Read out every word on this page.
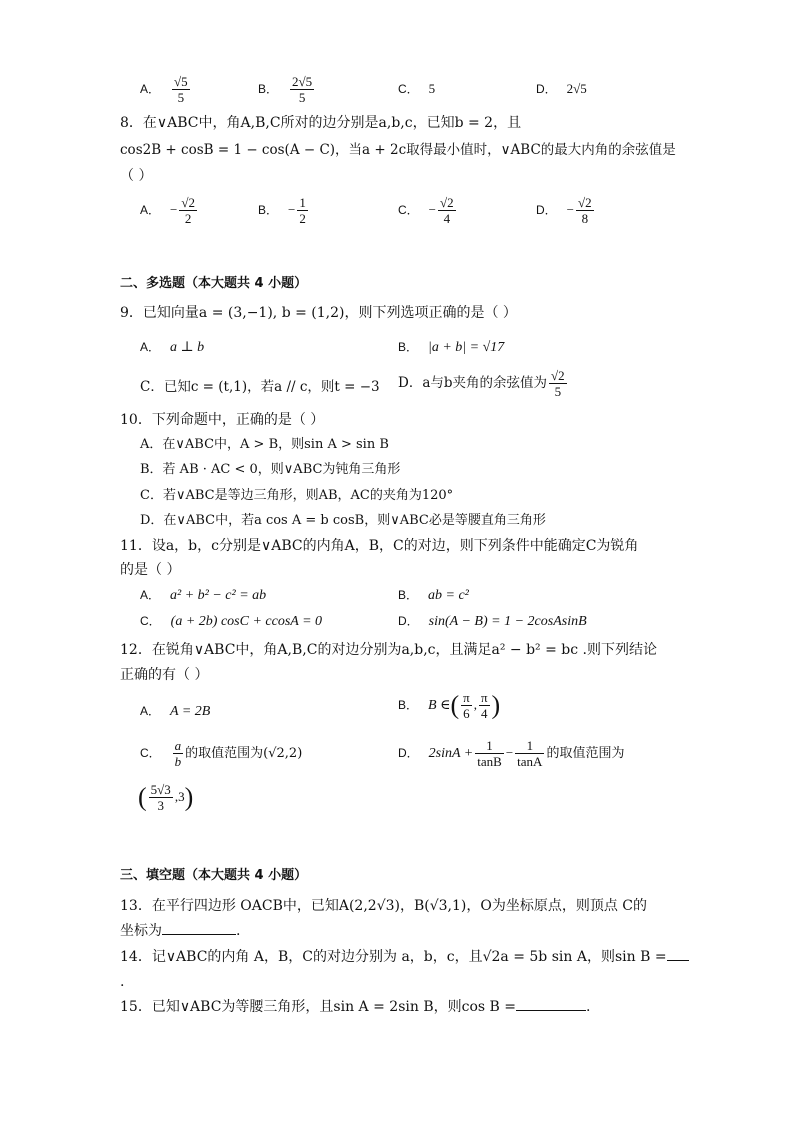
A． $\frac{√5}{5}$	B． $\frac{2√5}{5}$	C． 5	D． 2√5
8．在∨ABC中，角A,B,C所对的边分别是a,b,c，已知b = 2，且
cos2B + cosB = 1 − cos(A − C)，当a + 2c取得最小值时，∨ABC的最大内角的余弦值是
（ ）
A． − $\frac{√2}{2}$	B． − $\frac{1}{2}$	C． − $\frac{√2}{4}$	D． − $\frac{√2}{8}$
二、多选题（本大题共 4 小题）
9．已知向量a = (3,−1), b = (1,2)，则下列选项正确的是（ ）
A． a ⊥ b	B． |a + b| = √17
C．已知c = (t,1)，若a // c，则t = −3 D．a与b夹角的余弦值为 $\frac{√2}{5}$
10．下列命题中，正确的是（ ）
A．在∨ABC中，A > B，则sin A > sin B
B．若 AB · AC < 0，则∨ABC为钝角三角形
C．若∨ABC是等边三角形，则AB，AC的夹角为120°
D．在∨ABC中，若a cos A = b cosB，则∨ABC必是等腰直角三角形
11．设a，b，c分别是∨ABC的内角A，B，C的对边，则下列条件中能确定C为锐角
的是（ ）
A． a² + b² − c² = ab	B． ab = c²
C． (a + 2b) cosC + ccosA = 0	D． sin(A − B) = 1 − 2cosAsinB
12．在锐角∨ABC中，角A,B,C的对边分别为a,b,c，且满足a² − b² = bc .则下列结论
正确的有（ ）
A． A = 2B	B． B ∈( $\frac{\pi}{6}$ , $\frac{\pi}{4}$ )
C． $\frac{a}{b}$ 的取值范围为(√2,2)	D． $2\sin A + \frac{1}{\tan B} - \frac{1}{\tan A}$ 的取值范围为
( $\frac{5√3}{3} ,3$)
三、填空题（本大题共 4 小题）
13．在平行四边形 OACB中，已知A(2,2√3)，B(√3,1)，O为坐标原点，则顶点 C的
坐标为	.
14．记∨ABC的内角 A，B，C的对边分别为 a，b，c，且√2a = 5b sin A，则sin B =
.
15．已知∨ABC为等腰三角形，且sin A = 2sin B，则cos B =	.
